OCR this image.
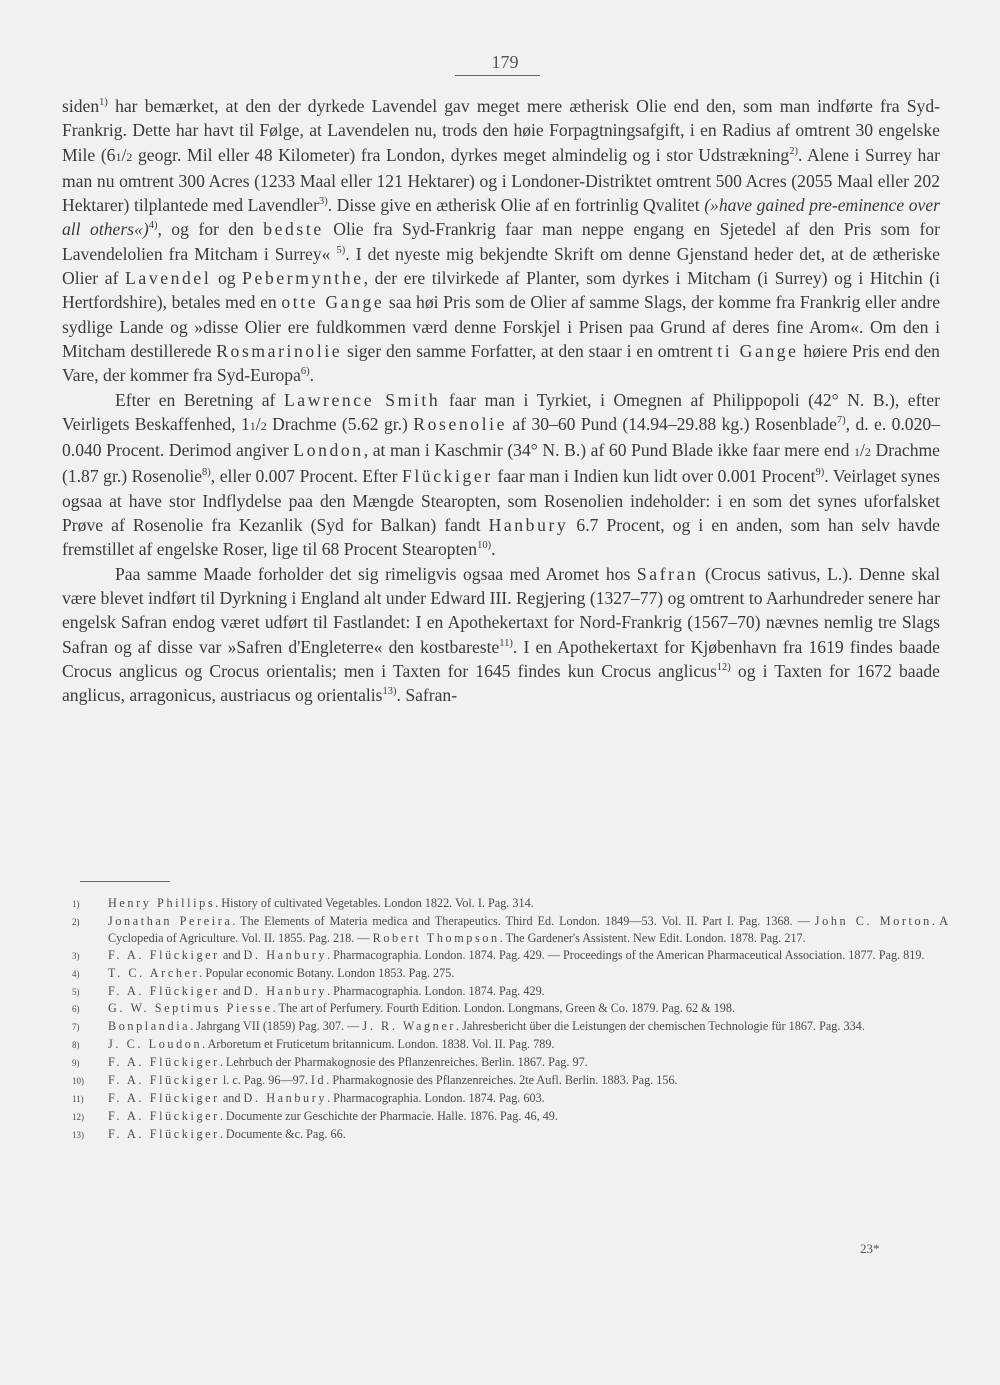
179

siden$^{1)}$ har bemærket, at den der dyrkede Lavendel gav meget mere ætherisk Olie end den, som man indførte fra Syd-Frankrig. Dette har havt til Følge, at Lavendelen nu, trods den høie Forpagtningsafgift, i en Radius af omtrent 30 engelske Mile (61/2 geogr. Mil eller 48 Kilometer) fra London, dyrkes meget almindelig og i stor Udstrækning$^{2)}$. Alene i Surrey har man nu omtrent 300 Acres (1233 Maal eller 121 Hektarer) og i Londoner-Distriktet omtrent 500 Acres (2055 Maal eller 202 Hektarer) tilplantede med Lavendler$^{3)}$. Disse give en ætherisk Olie af en fortrinlig Qvalitet (»have gained pre-eminence over all others«)$^{4)}$, og for den bedste Olie fra Syd-Frankrig faar man neppe engang en Sjetedel af den Pris som for Lavendelolien fra Mitcham i Surrey« $^{5)}$. I det nyeste mig bekjendte Skrift om denne Gjenstand heder det, at de ætheriske Olier af Lavendel og Pebermynthe, der ere tilvirkede af Planter, som dyrkes i Mitcham (i Surrey) og i Hitchin (i Hertfordshire), betales med en otte Gange saa høi Pris som de Olier af samme Slags, der komme fra Frankrig eller andre sydlige Lande og »disse Olier ere fuldkommen værd denne Forskjel i Prisen paa Grund af deres fine Arom«. Om den i Mitcham destillerede Rosmarinolie siger den samme Forfatter, at den staar i en omtrent ti Gange høiere Pris end den Vare, der kommer fra Syd-Europa$^{6)}$.

Efter en Beretning af Lawrence Smith faar man i Tyrkiet, i Omegnen af Philippopoli (42° N. B.), efter Veirligets Beskaffenhed, 11/2 Drachme (5.62 gr.) Rosenolie af 30–60 Pund (14.94–29.88 kg.) Rosenblade$^{7)}$, d. e. 0.020–0.040 Procent. Derimod angiver London, at man i Kaschmir (34° N. B.) af 60 Pund Blade ikke faar mere end 1/2 Drachme (1.87 gr.) Rosenolie$^{8)}$, eller 0.007 Procent. Efter Flückiger faar man i Indien kun lidt over 0.001 Procent$^{9)}$. Veirlaget synes ogsaa at have stor Indflydelse paa den Mængde Stearopten, som Rosenolien indeholder: i en som det synes uforfalsket Prøve af Rosenolie fra Kezanlik (Syd for Balkan) fandt Hanbury 6.7 Procent, og i en anden, som han selv havde fremstillet af engelske Roser, lige til 68 Procent Stearopten$^{10)}$.

Paa samme Maade forholder det sig rimeligvis ogsaa med Aromet hos Safran (Crocus sativus, L.). Denne skal være blevet indført til Dyrkning i England alt under Edward III. Regjering (1327–77) og omtrent to Aarhundreder senere har engelsk Safran endog været udført til Fastlandet: I en Apothekertaxt for Nord-Frankrig (1567–70) nævnes nemlig tre Slags Safran og af disse var »Safren d'Engleterre« den kostbareste$^{11)}$. I en Apothekertaxt for Kjøbenhavn fra 1619 findes baade Crocus anglicus og Crocus orientalis; men i Taxten for 1645 findes kun Crocus anglicus$^{12)}$ og i Taxten for 1672 baade anglicus, arragonicus, austriacus og orientalis$^{13)}$. Safran-

1)	Henry Phillips. History of cultivated Vegetables. London 1822. Vol. I. Pag. 314.
2)	Jonathan Pereira. The Elements of Materia medica and Therapeutics. Third Ed. London. 1849—53. Vol. II. Part I. Pag. 1368. — John C. Morton. A Cyclopedia of Agriculture. Vol. II. 1855. Pag. 218. — Robert Thompson. The Gardener's Assistent. New Edit. London. 1878. Pag. 217.
3)	F. A. Flückiger and D. Hanbury. Pharmacographia. London. 1874. Pag. 429. — Proceedings of the American Pharmaceutical Association. 1877. Pag. 819.
4)	T. C. Archer. Popular economic Botany. London 1853. Pag. 275.
5)	F. A. Flückiger and D. Hanbury. Pharmacographia. London. 1874. Pag. 429.
6)	G. W. Septimus Piesse. The art of Perfumery. Fourth Edition. London. Longmans, Green & Co. 1879. Pag. 62 & 198.
7)	Bonplandia. Jahrgang VII (1859) Pag. 307. — J. R. Wagner. Jahresbericht über die Leistungen der chemischen Technologie für 1867. Pag. 334.
8)	J. C. Loudon. Arboretum et Fruticetum britannicum. London. 1838. Vol. II. Pag. 789.
9)	F. A. Flückiger. Lehrbuch der Pharmakognosie des Pflanzenreiches. Berlin. 1867. Pag. 97.
10)	F. A. Flückiger l. c. Pag. 96—97. Id. Pharmakognosie des Pflanzenreiches. 2te Aufl. Berlin. 1883. Pag. 156.
11)	F. A. Flückiger and D. Hanbury. Pharmacographia. London. 1874. Pag. 603.
12)	F. A. Flückiger. Documente zur Geschichte der Pharmacie. Halle. 1876. Pag. 46, 49.
13)	F. A. Flückiger. Documente &c. Pag. 66.
23*
